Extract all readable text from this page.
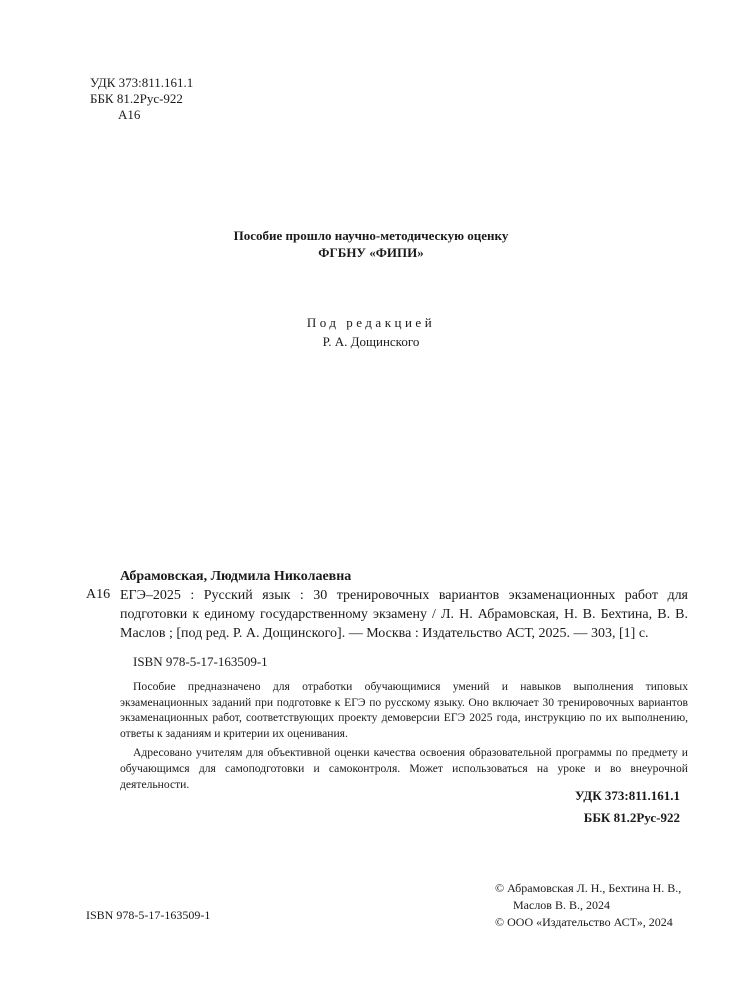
УДК 373:811.161.1
ББК 81.2Рус-922
А16
Пособие прошло научно-методическую оценку
ФГБНУ «ФИПИ»
Под редакцией
Р. А. Дощинского
Абрамовская, Людмила Николаевна
А16 ЕГЭ–2025 : Русский язык : 30 тренировочных вариантов экзаменационных работ для подготовки к единому государственному экзамену / Л. Н. Абрамовская, Н. В. Бехтина, В. В. Маслов ; [под ред. Р. А. Дощинского]. — Москва : Издательство АСТ, 2025. — 303, [1] с.
ISBN 978-5-17-163509-1

Пособие предназначено для отработки обучающимися умений и навыков выполнения типовых экзаменационных заданий при подготовке к ЕГЭ по русскому языку. Оно включает 30 тренировочных вариантов экзаменационных работ, соответствующих проекту демоверсии ЕГЭ 2025 года, инструкцию по их выполнению, ответы к заданиям и критерии их оценивания.

Адресовано учителям для объективной оценки качества освоения образовательной программы по предмету и обучающимся для самоподготовки и самоконтроля. Может использоваться на уроке и во внеурочной деятельности.

УДК 373:811.161.1
ББК 81.2Рус-922
ISBN 978-5-17-163509-1
© Абрамовская Л. Н., Бехтина Н. В.,
Маслов В. В., 2024
© ООО «Издательство АСТ», 2024
